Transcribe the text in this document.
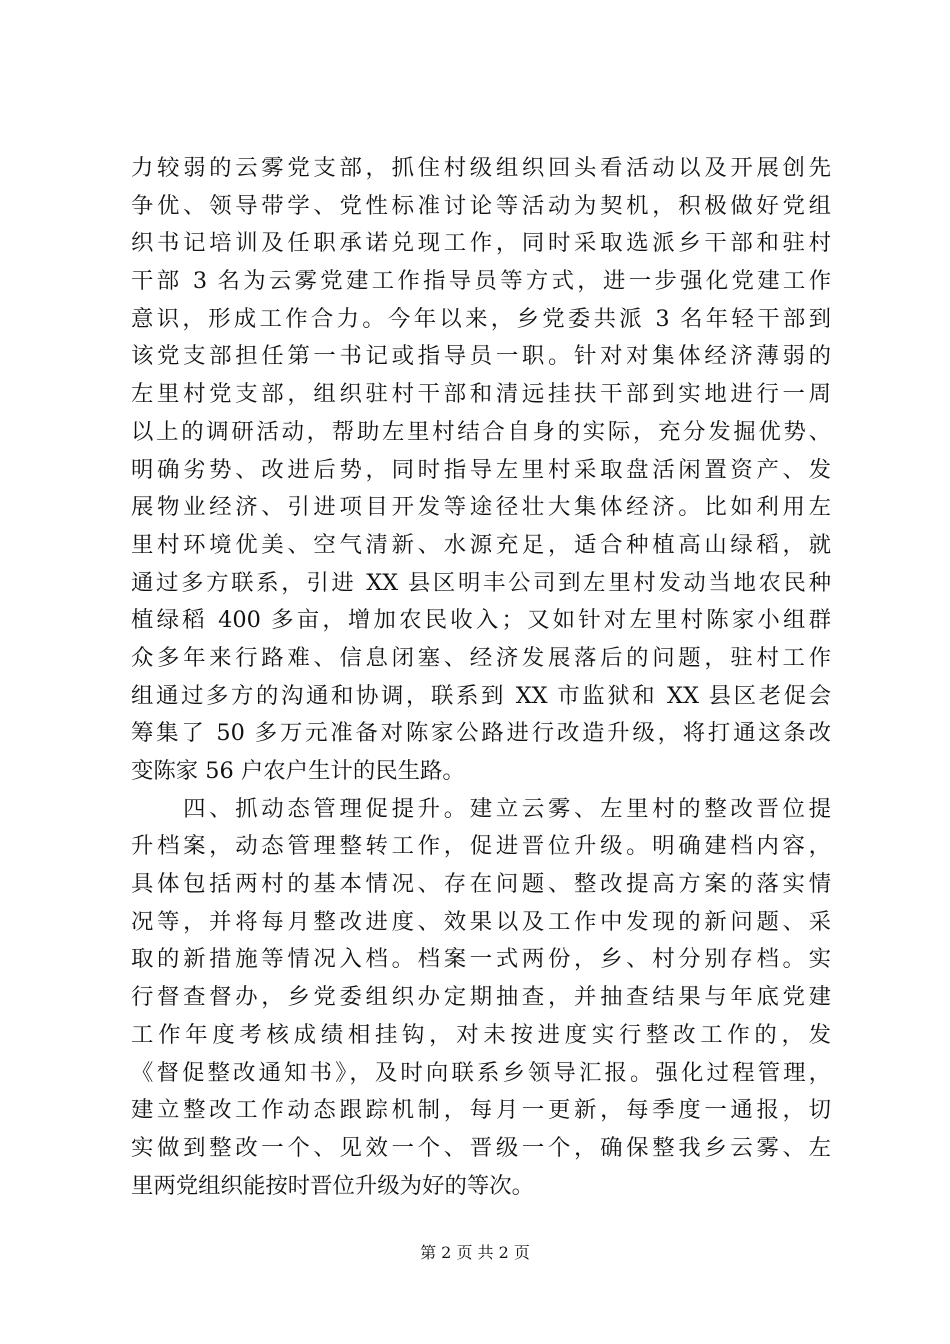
力较弱的云雾党支部，抓住村级组织回头看活动以及开展创先
争优、领导带学、党性标准讨论等活动为契机，积极做好党组
织书记培训及任职承诺兑现工作，同时采取选派乡干部和驻村
干部 3 名为云雾党建工作指导员等方式，进一步强化党建工作
意识，形成工作合力。今年以来，乡党委共派 3 名年轻干部到
该党支部担任第一书记或指导员一职。针对对集体经济薄弱的
左里村党支部，组织驻村干部和清远挂扶干部到实地进行一周
以上的调研活动，帮助左里村结合自身的实际，充分发掘优势、
明确劣势、改进后势，同时指导左里村采取盘活闲置资产、发
展物业经济、引进项目开发等途径壮大集体经济。比如利用左
里村环境优美、空气清新、水源充足，适合种植高山绿稻，就
通过多方联系，引进 XX 县区明丰公司到左里村发动当地农民种
植绿稻 400 多亩，增加农民收入；又如针对左里村陈家小组群
众多年来行路难、信息闭塞、经济发展落后的问题，驻村工作
组通过多方的沟通和协调，联系到 XX 市监狱和 XX 县区老促会
筹集了 50 多万元准备对陈家公路进行改造升级，将打通这条改
变陈家 56 户农户生计的民生路。
　　四、抓动态管理促提升。建立云雾、左里村的整改晋位提
升档案，动态管理整转工作，促进晋位升级。明确建档内容，
具体包括两村的基本情况、存在问题、整改提高方案的落实情
况等，并将每月整改进度、效果以及工作中发现的新问题、采
取的新措施等情况入档。档案一式两份，乡、村分别存档。实
行督查督办，乡党委组织办定期抽查，并抽查结果与年底党建
工作年度考核成绩相挂钩，对未按进度实行整改工作的，发
《督促整改通知书》，及时向联系乡领导汇报。强化过程管理，
建立整改工作动态跟踪机制，每月一更新，每季度一通报，切
实做到整改一个、见效一个、晋级一个，确保整我乡云雾、左
里两党组织能按时晋位升级为好的等次。
第 2 页 共 2 页
